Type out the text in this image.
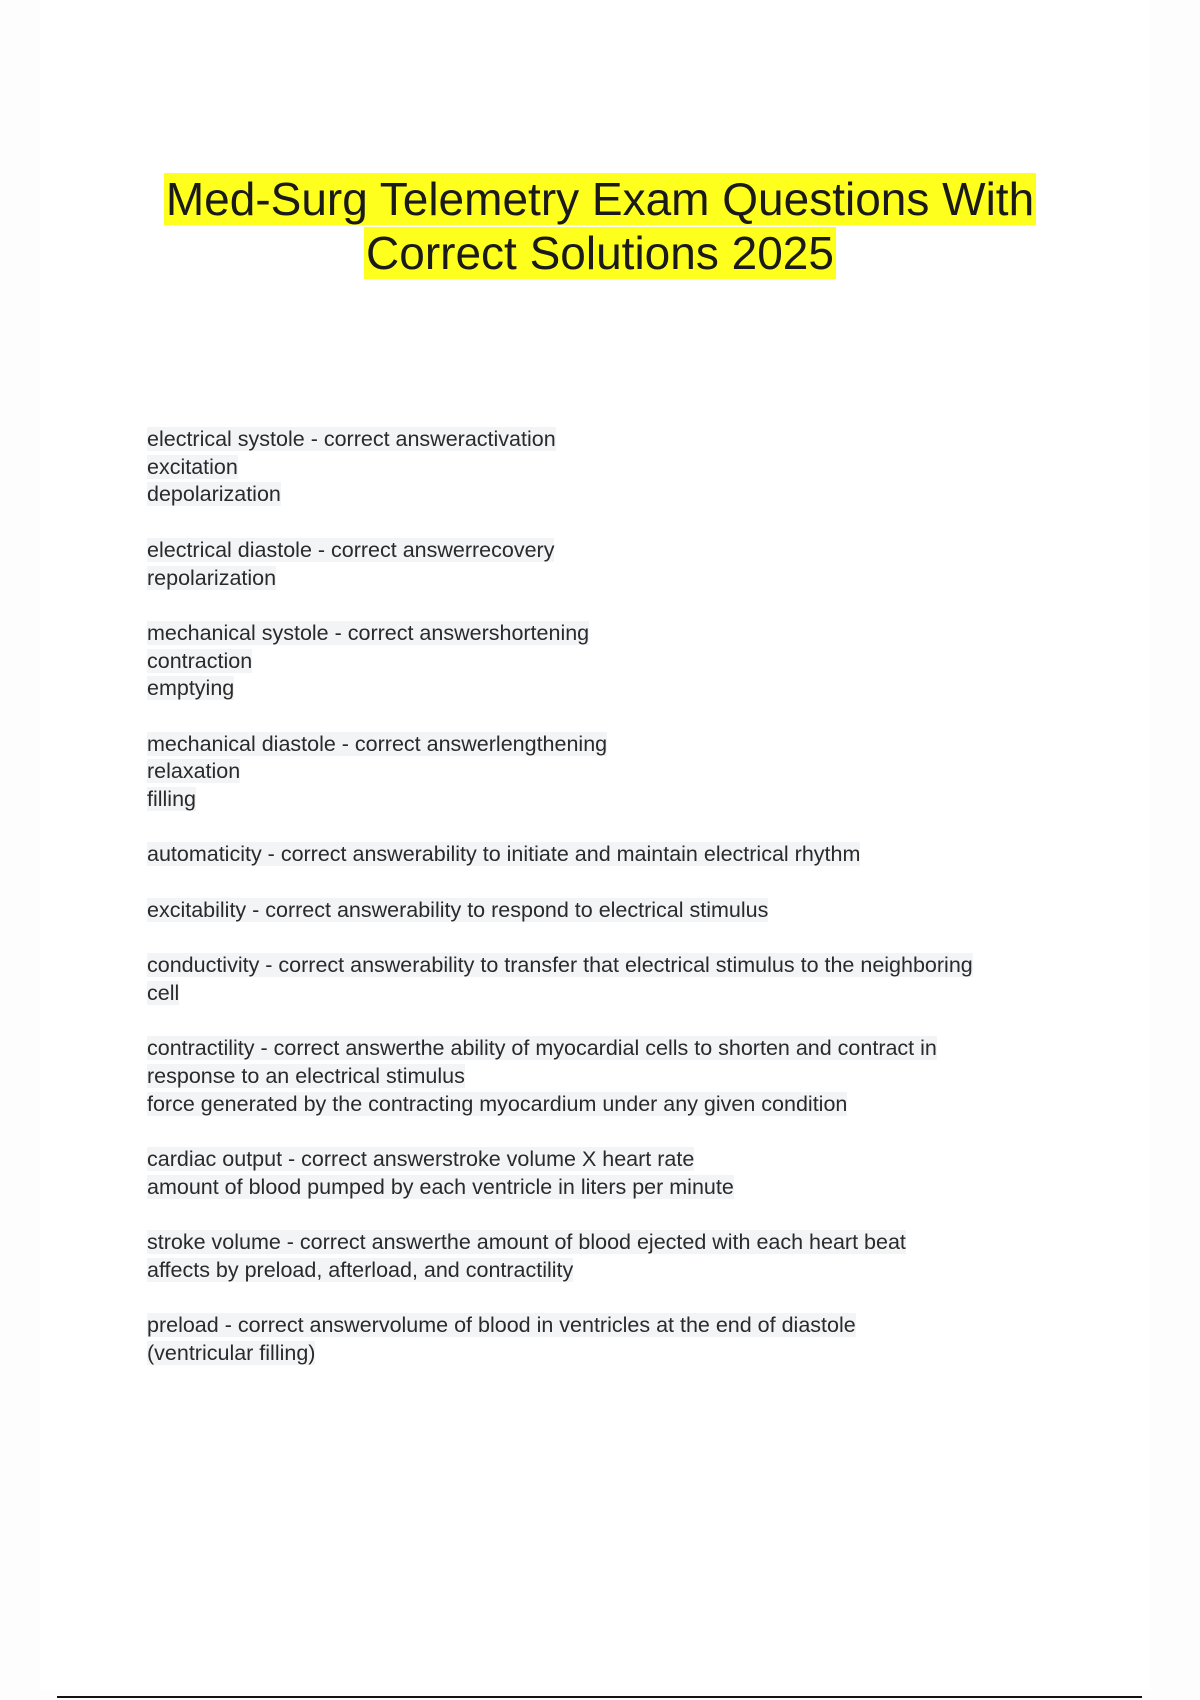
Med-Surg Telemetry Exam Questions With
Correct Solutions 2025
electrical systole - correct answeractivation
excitation
depolarization
electrical diastole - correct answerrecovery
repolarization
mechanical systole - correct answershortening
contraction
emptying
mechanical diastole - correct answerlengthening
relaxation
filling
automaticity - correct answerability to initiate and maintain electrical rhythm
excitability - correct answerability to respond to electrical stimulus
conductivity - correct answerability to transfer that electrical stimulus to the neighboring
cell
contractility - correct answerthe ability of myocardial cells to shorten and contract in
response to an electrical stimulus
force generated by the contracting myocardium under any given condition
cardiac output - correct answerstroke volume X heart rate
amount of blood pumped by each ventricle in liters per minute
stroke volume - correct answerthe amount of blood ejected with each heart beat
affects by preload, afterload, and contractility
preload - correct answervolume of blood in ventricles at the end of diastole
(ventricular filling)
